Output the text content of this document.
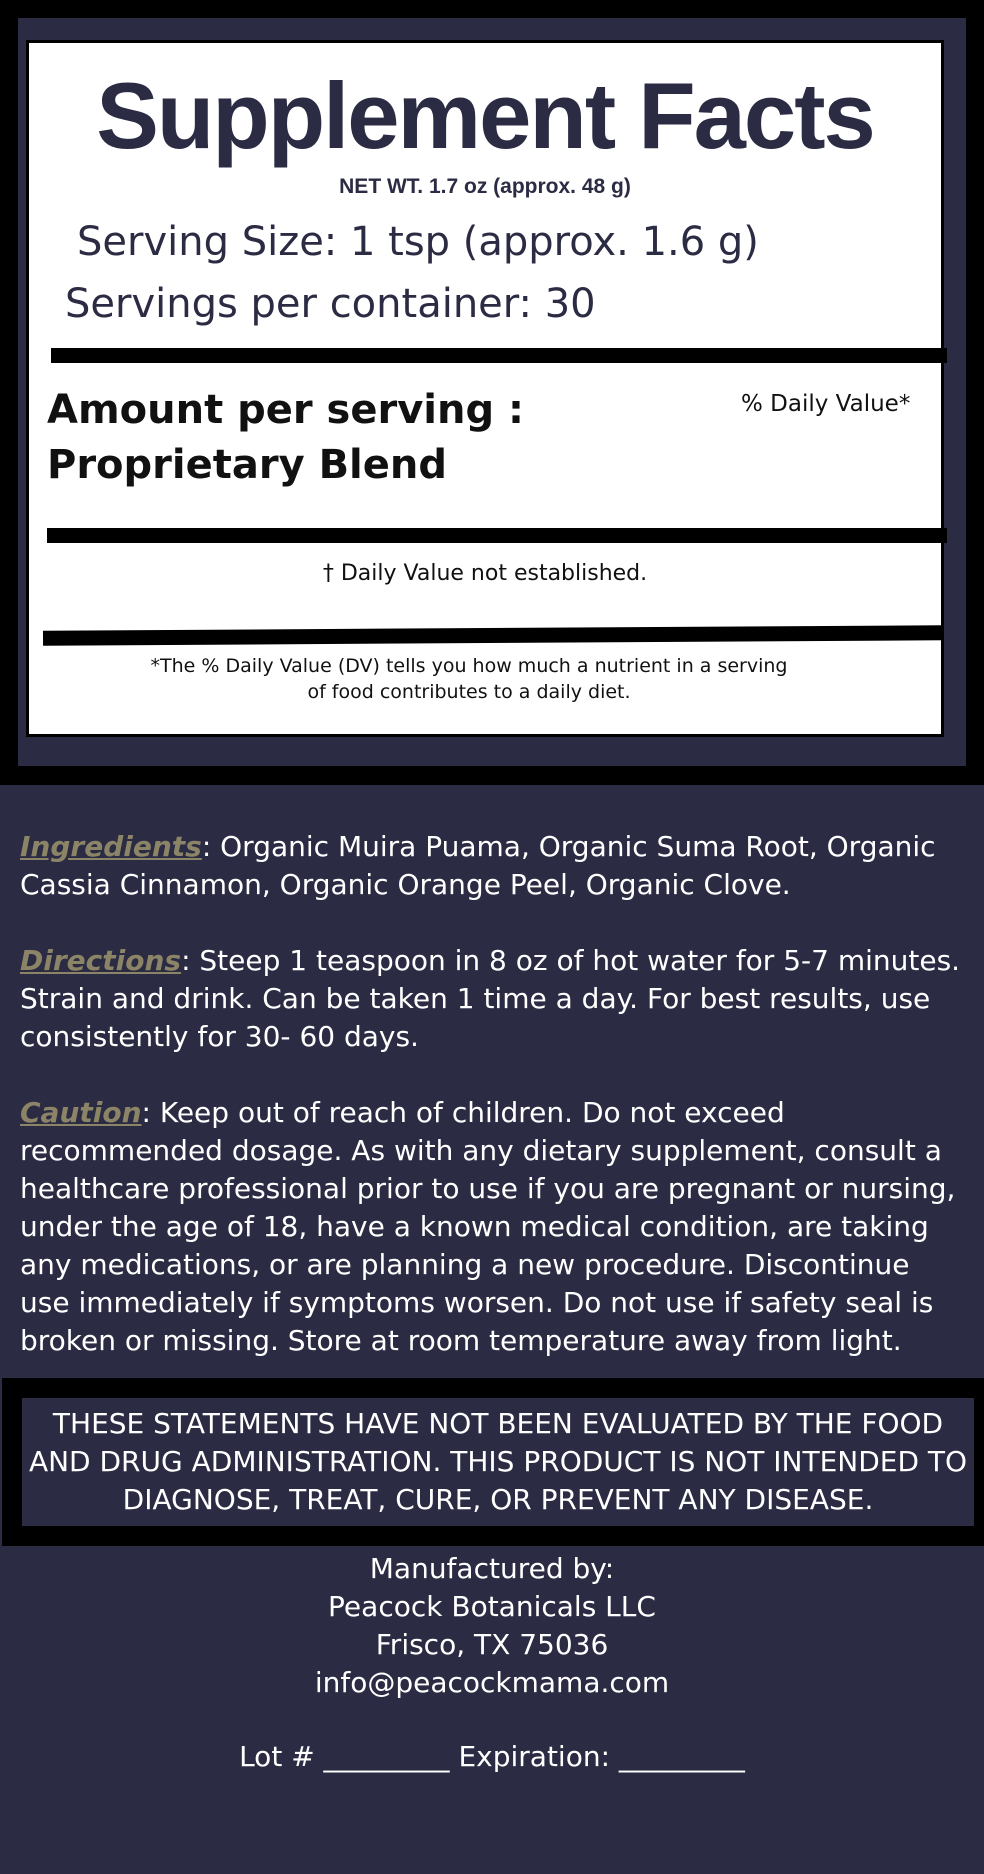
Supplement Facts
NET WT. 1.7 oz (approx. 48 g)
Serving Size: 1 tsp (approx. 1.6 g)
Servings per container: 30
Amount per serving : Proprietary Blend
% Daily Value*
† Daily Value not established.
*The % Daily Value (DV) tells you how much a nutrient in a serving of food contributes to a daily diet.
Ingredients: Organic Muira Puama, Organic Suma Root, Organic Cassia Cinnamon, Organic Orange Peel, Organic Clove.
Directions: Steep 1 teaspoon in 8 oz of hot water for 5-7 minutes. Strain and drink. Can be taken 1 time a day. For best results, use consistently for 30- 60 days.
Caution: Keep out of reach of children. Do not exceed recommended dosage. As with any dietary supplement, consult a healthcare professional prior to use if you are pregnant or nursing, under the age of 18, have a known medical condition, are taking any medications, or are planning a new procedure. Discontinue use immediately if symptoms worsen. Do not use if safety seal is broken or missing. Store at room temperature away from light.
THESE STATEMENTS HAVE NOT BEEN EVALUATED BY THE FOOD AND DRUG ADMINISTRATION. THIS PRODUCT IS NOT INTENDED TO DIAGNOSE, TREAT, CURE, OR PREVENT ANY DISEASE.
Manufactured by:
Peacock Botanicals LLC
Frisco, TX 75036
info@peacockmama.com
Lot # _________ Expiration: _________
